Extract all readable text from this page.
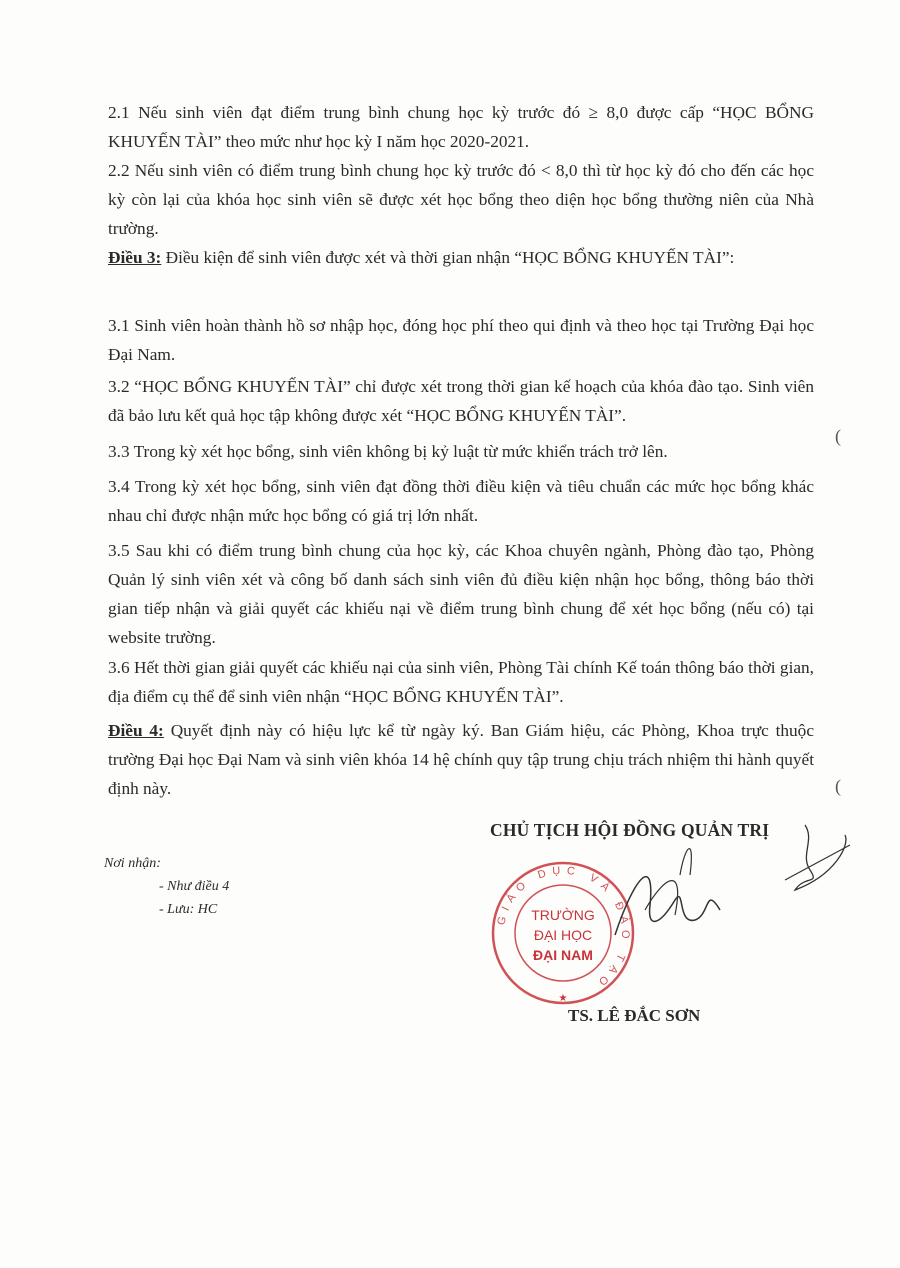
2.1 Nếu sinh viên đạt điểm trung bình chung học kỳ trước đó ≥ 8,0 được cấp “HỌC BỔNG KHUYẾN TÀI” theo mức như học kỳ I năm học 2020-2021.
2.2 Nếu sinh viên có điểm trung bình chung học kỳ trước đó < 8,0 thì từ học kỳ đó cho đến các học kỳ còn lại của khóa học sinh viên sẽ được xét học bổng theo diện học bổng thường niên của Nhà trường.
Điều 3: Điều kiện để sinh viên được xét và thời gian nhận “HỌC BỔNG KHUYẾN TÀI”:
3.1 Sinh viên hoàn thành hồ sơ nhập học, đóng học phí theo qui định và theo học tại Trường Đại học Đại Nam.
3.2 “HỌC BỔNG KHUYẾN TÀI” chỉ được xét trong thời gian kế hoạch của khóa đào tạo. Sinh viên đã bảo lưu kết quả học tập không được xét “HỌC BỔNG KHUYẾN TÀI”.
3.3 Trong kỳ xét học bổng, sinh viên không bị kỷ luật từ mức khiển trách trở lên.
3.4 Trong kỳ xét học bổng, sinh viên đạt đồng thời điều kiện và tiêu chuẩn các mức học bổng khác nhau chỉ được nhận mức học bổng có giá trị lớn nhất.
3.5 Sau khi có điểm trung bình chung của học kỳ, các Khoa chuyên ngành, Phòng đào tạo, Phòng Quản lý sinh viên xét và công bố danh sách sinh viên đủ điều kiện nhận học bổng, thông báo thời gian tiếp nhận và giải quyết các khiếu nại về điểm trung bình chung để xét học bổng (nếu có) tại website trường.
3.6 Hết thời gian giải quyết các khiếu nại của sinh viên, Phòng Tài chính Kế toán thông báo thời gian, địa điểm cụ thể để sinh viên nhận “HỌC BỔNG KHUYẾN TÀI”.
Điều 4: Quyết định này có hiệu lực kể từ ngày ký. Ban Giám hiệu, các Phòng, Khoa trực thuộc trường Đại học Đại Nam và sinh viên khóa 14 hệ chính quy tập trung chịu trách nhiệm thi hành quyết định này.
(
(
CHỦ TỊCH HỘI ĐỒNG QUẢN TRỊ
Nơi nhận:
- Như điều 4
- Lưu: HC	GIÁO DỤC VÀ ĐÀO TẠO
TRƯỜNG
ĐẠI HỌC
ĐẠI NAM
★
TS. LÊ ĐẮC SƠN
